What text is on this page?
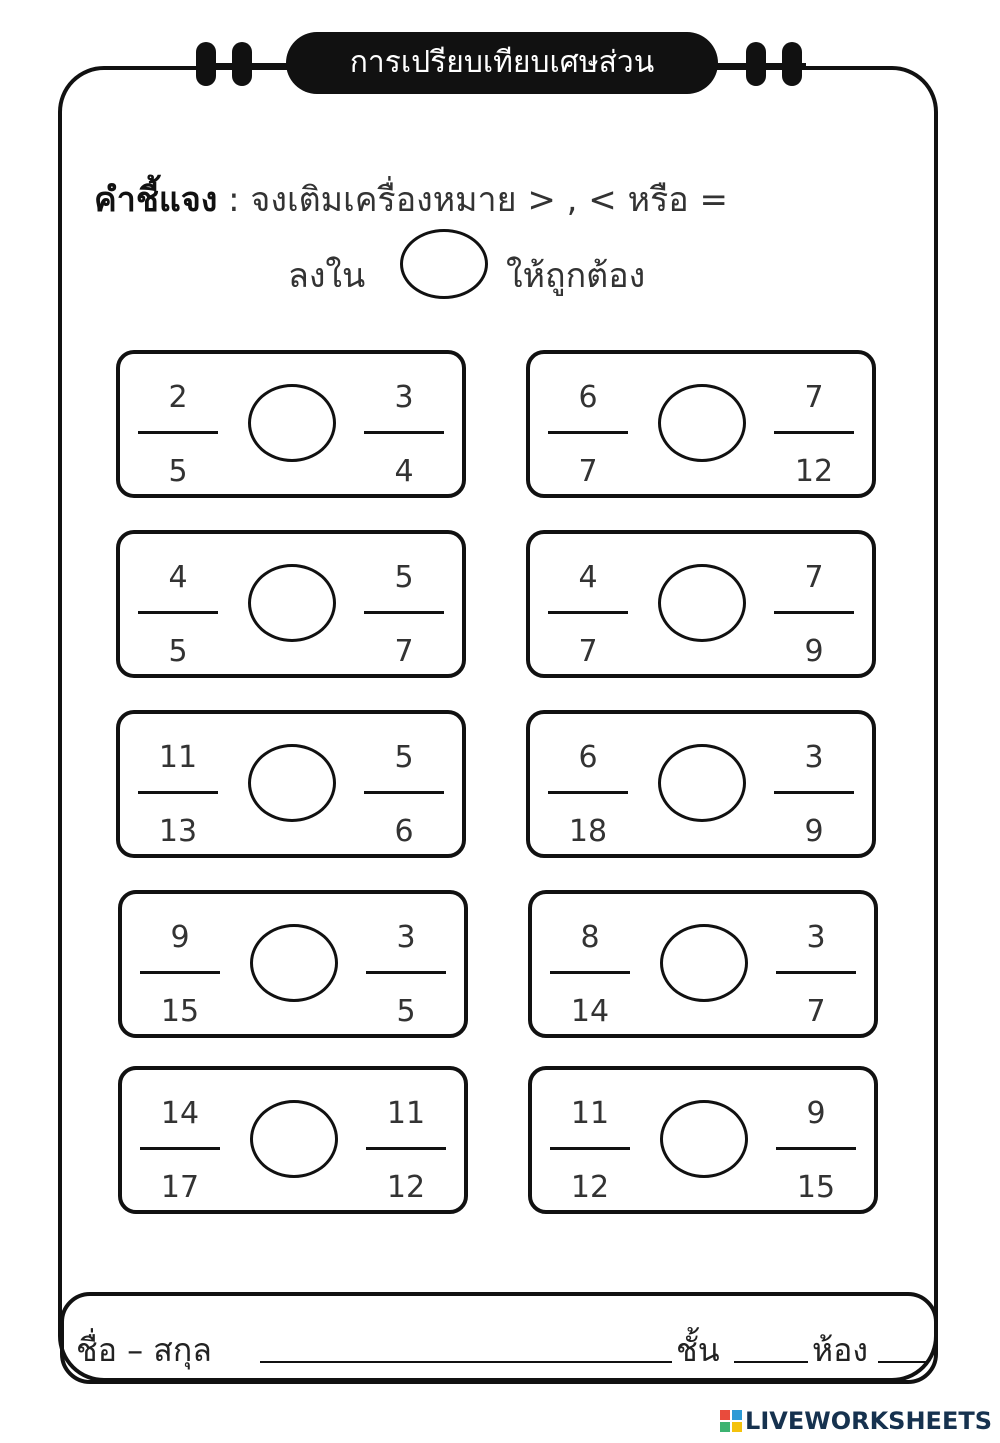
การเปรียบเทียบเศษส่วน
คำชี้แจง : จงเติมเครื่องหมาย > , < หรือ =
ลงใน	ให้ถูกต้อง
2
5
3
4
6
7
7
12
4
5
5
7
4
7
7
9
11
13
5
6
6
18
3
9
9
15
3
5
8
14
3
7
14
17
11
12
11
12
9
15
ชื่อ – สกุล	ชั้น	ห้อง
LIVEWORKSHEETS
